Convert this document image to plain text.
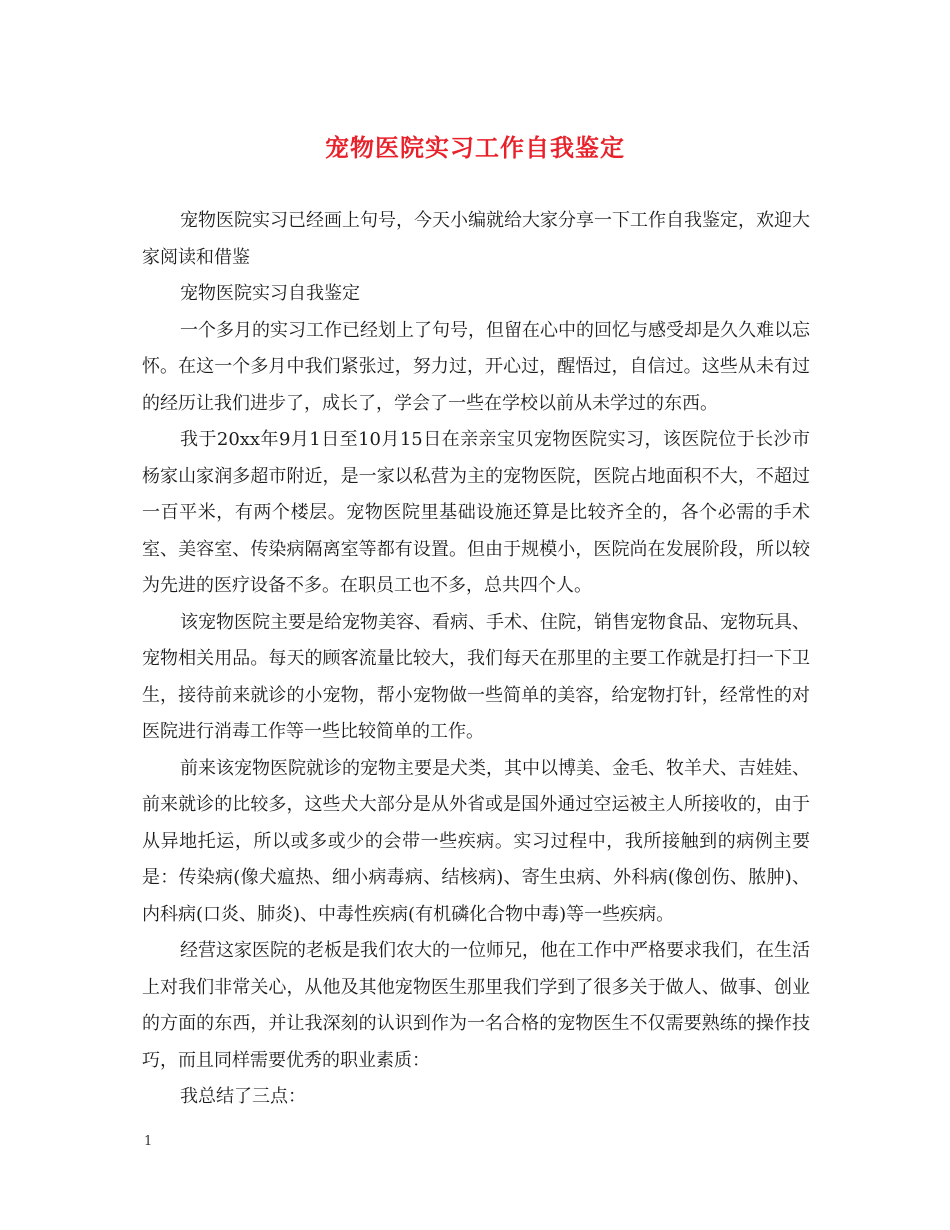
宠物医院实习工作自我鉴定

宠物医院实习已经画上句号，今天小编就给大家分享一下工作自我鉴定，欢迎大家阅读和借鉴

宠物医院实习自我鉴定

一个多月的实习工作已经划上了句号，但留在心中的回忆与感受却是久久难以忘怀。在这一个多月中我们紧张过，努力过，开心过，醒悟过，自信过。这些从未有过的经历让我们进步了，成长了，学会了一些在学校以前从未学过的东西。

我于20xx年9月1日至10月15日在亲亲宝贝宠物医院实习，该医院位于长沙市杨家山家润多超市附近，是一家以私营为主的宠物医院，医院占地面积不大，不超过一百平米，有两个楼层。宠物医院里基础设施还算是比较齐全的，各个必需的手术室、美容室、传染病隔离室等都有设置。但由于规模小，医院尚在发展阶段，所以较为先进的医疗设备不多。在职员工也不多，总共四个人。

该宠物医院主要是给宠物美容、看病、手术、住院，销售宠物食品、宠物玩具、宠物相关用品。每天的顾客流量比较大，我们每天在那里的主要工作就是打扫一下卫生，接待前来就诊的小宠物，帮小宠物做一些简单的美容，给宠物打针，经常性的对医院进行消毒工作等一些比较简单的工作。

前来该宠物医院就诊的宠物主要是犬类，其中以博美、金毛、牧羊犬、吉娃娃、前来就诊的比较多，这些犬大部分是从外省或是国外通过空运被主人所接收的，由于从异地托运，所以或多或少的会带一些疾病。实习过程中，我所接触到的病例主要是：传染病(像犬瘟热、细小病毒病、结核病)、寄生虫病、外科病(像创伤、脓肿)、内科病(口炎、肺炎)、中毒性疾病(有机磷化合物中毒)等一些疾病。

经营这家医院的老板是我们农大的一位师兄，他在工作中严格要求我们，在生活上对我们非常关心，从他及其他宠物医生那里我们学到了很多关于做人、做事、创业的方面的东西，并让我深刻的认识到作为一名合格的宠物医生不仅需要熟练的操作技巧，而且同样需要优秀的职业素质：

我总结了三点：

1
